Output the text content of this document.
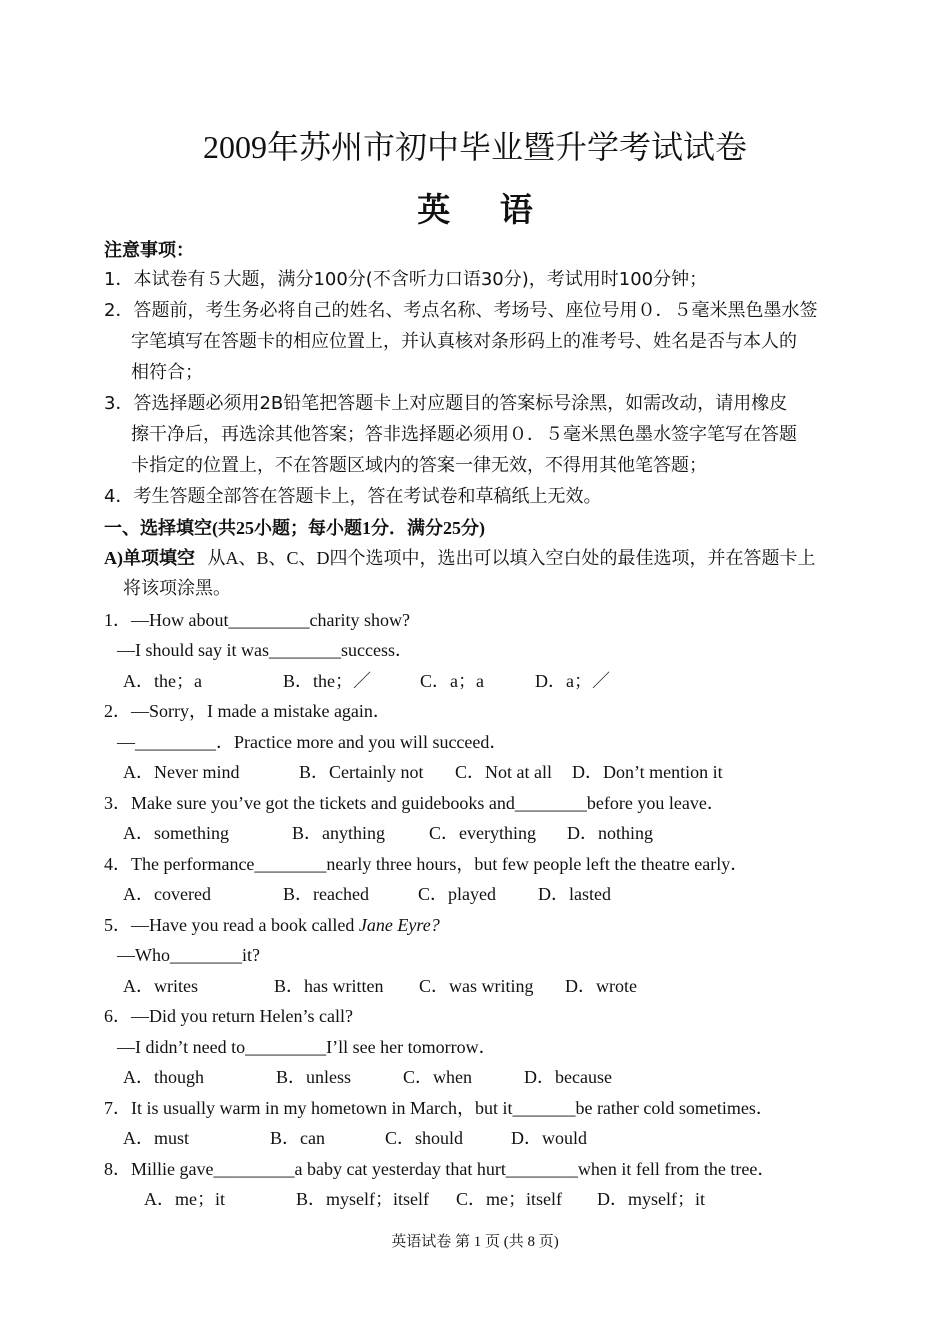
2009年苏州市初中毕业暨升学考试试卷
英语
注意事项：
1．本试卷有５大题，满分100分(不含听力口语30分)，考试用时100分钟；
2．答题前，考生务必将自己的姓名、考点名称、考场号、座位号用０．５毫米黑色墨水签
字笔填写在答题卡的相应位置上，并认真核对条形码上的准考号、姓名是否与本人的
相符合；
3．答选择题必须用2B铅笔把答题卡上对应题目的答案标号涂黑，如需改动，请用橡皮
擦干净后，再选涂其他答案；答非选择题必须用０．５毫米黑色墨水签字笔写在答题
卡指定的位置上，不在答题区域内的答案一律无效，不得用其他笔答题；
4．考生答题全部答在答题卡上，答在考试卷和草稿纸上无效。
一、选择填空(共25小题；每小题1分．满分25分)
A)单项填空 从A、B、C、D四个选项中，选出可以填入空白处的最佳选项，并在答题卡上
将该项涂黑。
1．—How about_________charity show?
—I should say it was________success．
A．the；a	B．the；／	C．a；a	D．a；／
2．—Sorry，I made a mistake again．
—_________．Practice more and you will succeed．
A．Never mind	B．Certainly not C．Not at all D．Don’t mention it
3．Make sure you’ve got the tickets and guidebooks and________before you leave．
A．something	B．anything C．everything D．nothing
4．The performance________nearly three hours，but few people left the theatre early．
A．covered	B．reached	C．played D．lasted
5．—Have you read a book called Jane Eyre?
—Who________it?
A．writes	B．has written C．was writing D．wrote
6．—Did you return Helen’s call?
—I didn’t need to_________I’ll see her tomorrow．
A．though	B．unless	C．when	D．because
7．It is usually warm in my hometown in March，but it_______be rather cold sometimes．
A．must	B．can	C．should	D．would
8．Millie gave_________a baby cat yesterday that hurt________when it fell from the tree．
A．me；it	B．myself；itself C．me；itself D．myself；it
英语试卷 第 1 页 (共 8 页)
